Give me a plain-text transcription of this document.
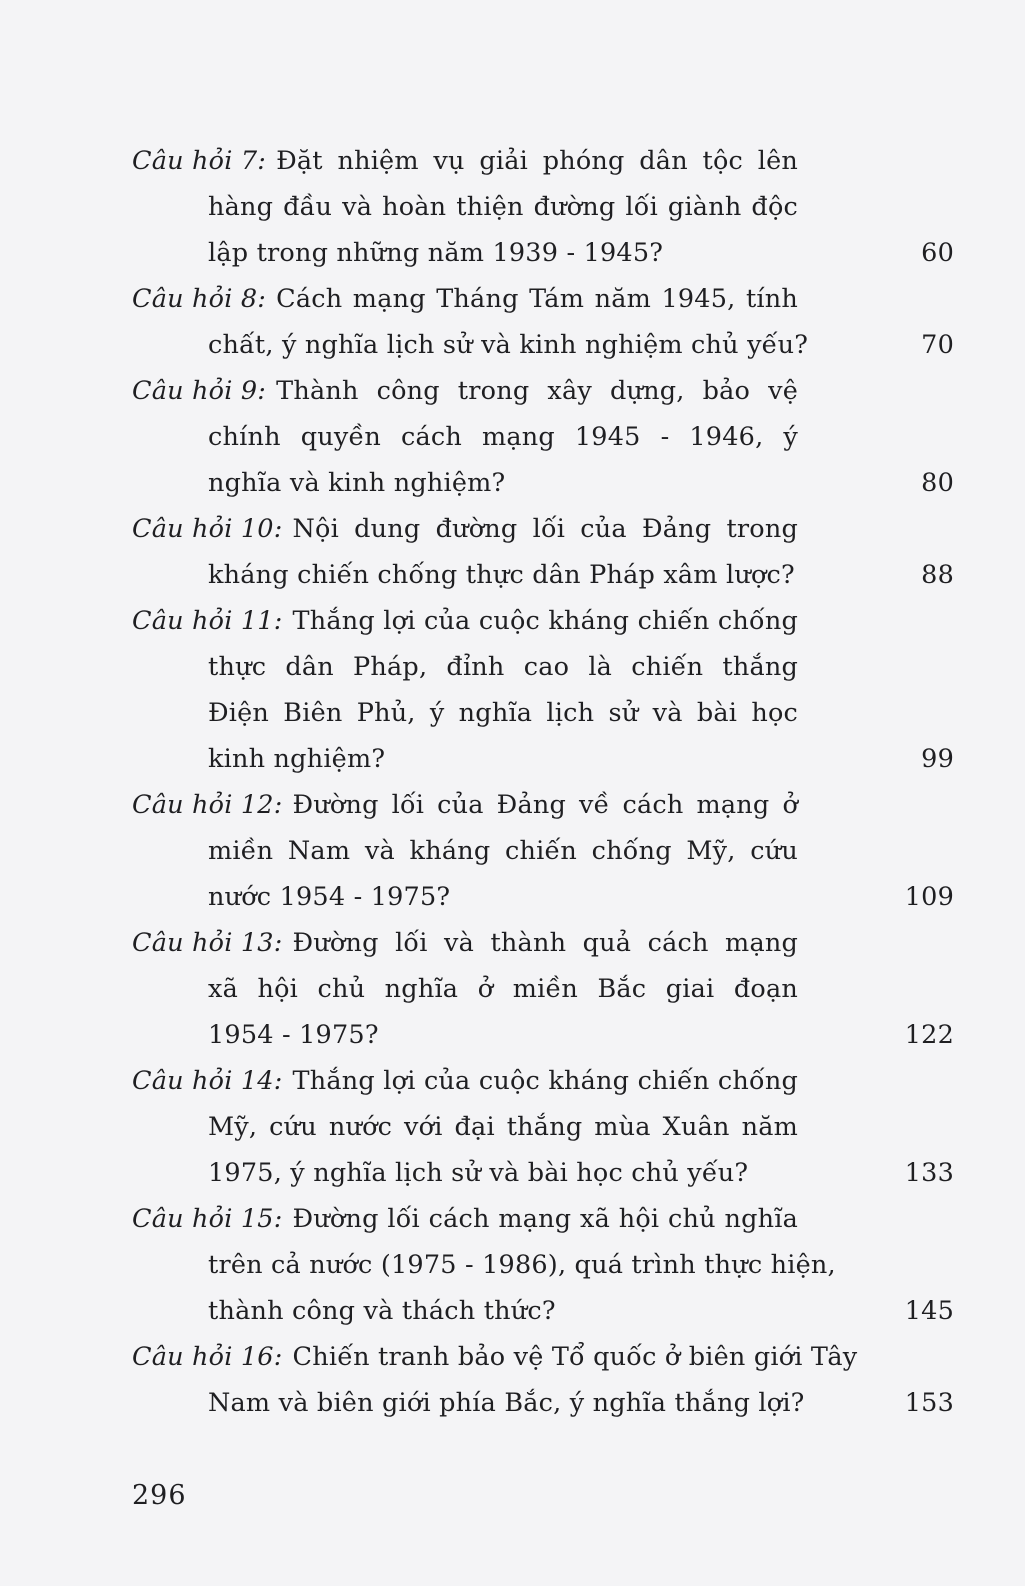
Câu hỏi 7: Đặt nhiệm vụ giải phóng dân tộc lên
hàng đầu và hoàn thiện đường lối giành độc
lập trong những năm 1939 - 1945?	60
Câu hỏi 8: Cách mạng Tháng Tám năm 1945, tính
chất, ý nghĩa lịch sử và kinh nghiệm chủ yếu?	70
Câu hỏi 9: Thành công trong xây dựng, bảo vệ
chính quyền cách mạng 1945 - 1946, ý
nghĩa và kinh nghiệm?	80
Câu hỏi 10: Nội dung đường lối của Đảng trong
kháng chiến chống thực dân Pháp xâm lược?	88
Câu hỏi 11: Thắng lợi của cuộc kháng chiến chống
thực dân Pháp, đỉnh cao là chiến thắng
Điện Biên Phủ, ý nghĩa lịch sử và bài học
kinh nghiệm?	99
Câu hỏi 12: Đường lối của Đảng về cách mạng ở
miền Nam và kháng chiến chống Mỹ, cứu
nước 1954 - 1975?	109
Câu hỏi 13: Đường lối và thành quả cách mạng
xã hội chủ nghĩa ở miền Bắc giai đoạn
1954 - 1975?	122
Câu hỏi 14: Thắng lợi của cuộc kháng chiến chống
Mỹ, cứu nước với đại thắng mùa Xuân năm
1975, ý nghĩa lịch sử và bài học chủ yếu?	133
Câu hỏi 15: Đường lối cách mạng xã hội chủ nghĩa
trên cả nước (1975 - 1986), quá trình thực hiện,
thành công và thách thức?	145
Câu hỏi 16: Chiến tranh bảo vệ Tổ quốc ở biên giới Tây
Nam và biên giới phía Bắc, ý nghĩa thắng lợi?	153
296
